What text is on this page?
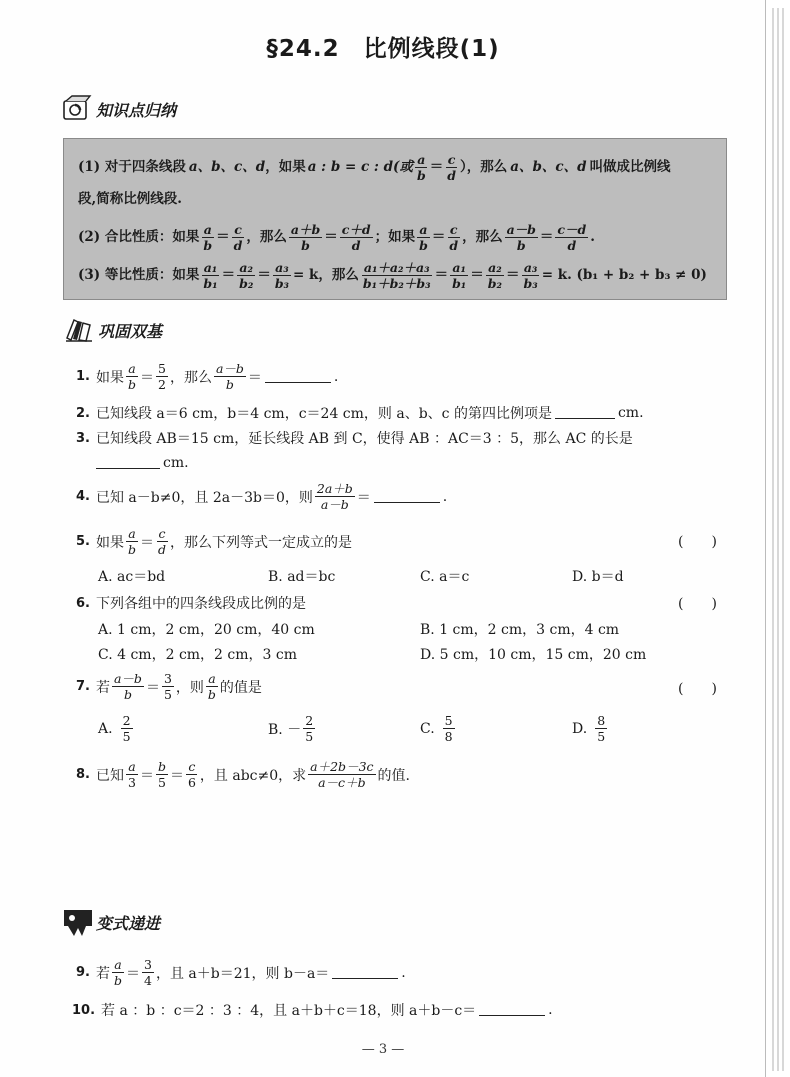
§24.2　比例线段(1)
知识点归纳
(1) 对于四条线段 a、b、c、d ，如果 a : b = c : d(或 $\frac{a}{b} = \frac{c}{d}$ ），那么 a、b、c、d 叫做成比例线
段,简称比例线段.
(2) 合比性质：如果 $\frac{a}{b} = \frac{c}{d}$ ，那么 $\frac{a+b}{b} = \frac{c+d}{d}$ ；如果 $\frac{a}{b} = \frac{c}{d}$ ，那么 $\frac{a-b}{b} = \frac{c-d}{d}$ .
(3) 等比性质：如果 $\frac{\text{a₁}}{\text{b₁}} = \frac{\text{a₂}}{\text{b₂}} = \frac{\text{a₃}}{\text{b₃}} = k$，那么 $\frac{\text{a₁＋a₂＋a₃}}{\text{b₁＋b₂＋b₃}} = \frac{\text{a₁}}{\text{b₁}} = \frac{\text{a₂}}{\text{b₂}} = \frac{\text{a₃}}{\text{b₃}} = k$. (b₁ + b₂ + b₃ ≠ 0)
巩固双基
1. 如果 $\frac{a}{b} = \frac{5}{2}$ ，那么 $\frac{a-b}{b}$ ＝	.
2. 已知线段 a＝6 cm，b＝4 cm，c＝24 cm，则 a、b、c 的第四比例项是	cm.
3. 已知线段 AB＝15 cm，延长线段 AB 到 C，使得 AB ：AC＝3 ：5，那么 AC 的长是
cm.
4. 已知 a－b≠0，且 2a－3b＝0，则 $\frac{2a+b}{a-b}$ ＝	.
5. 如果 $\frac{a}{b} = \frac{c}{d}$ ，那么下列等式一定成立的是	(　　)
A. ac＝bd	B. ad＝bc	C. a＝c	D. b＝d
6. 下列各组中的四条线段成比例的是	(　　)
A. 1 cm，2 cm，20 cm，40 cm	B. 1 cm，2 cm，3 cm，4 cm
C. 4 cm，2 cm，2 cm，3 cm	D. 5 cm，10 cm，15 cm，20 cm
7. 若 $\frac{a-b}{b} = \frac{3}{5}$ ，则 $\frac{a}{b}$ 的值是	(　　)
A. $\frac{2}{5}$	B. － $\frac{2}{5}$	C. $\frac{5}{8}$	D. $\frac{8}{5}$
8. 已知 $\frac{a}{3} = \frac{b}{5} = \frac{c}{6}$ ，且 abc≠0，求 $\frac{a+2b-3c}{a-c+b}$ 的值.
变式递进
9. 若 $\frac{a}{b} = \frac{3}{4}$ ，且 a＋b＝21，则 b－a＝	.
10. 若 a ：b ：c＝2 ：3 ：4，且 a＋b＋c＝18，则 a＋b－c＝	.
— 3 —
